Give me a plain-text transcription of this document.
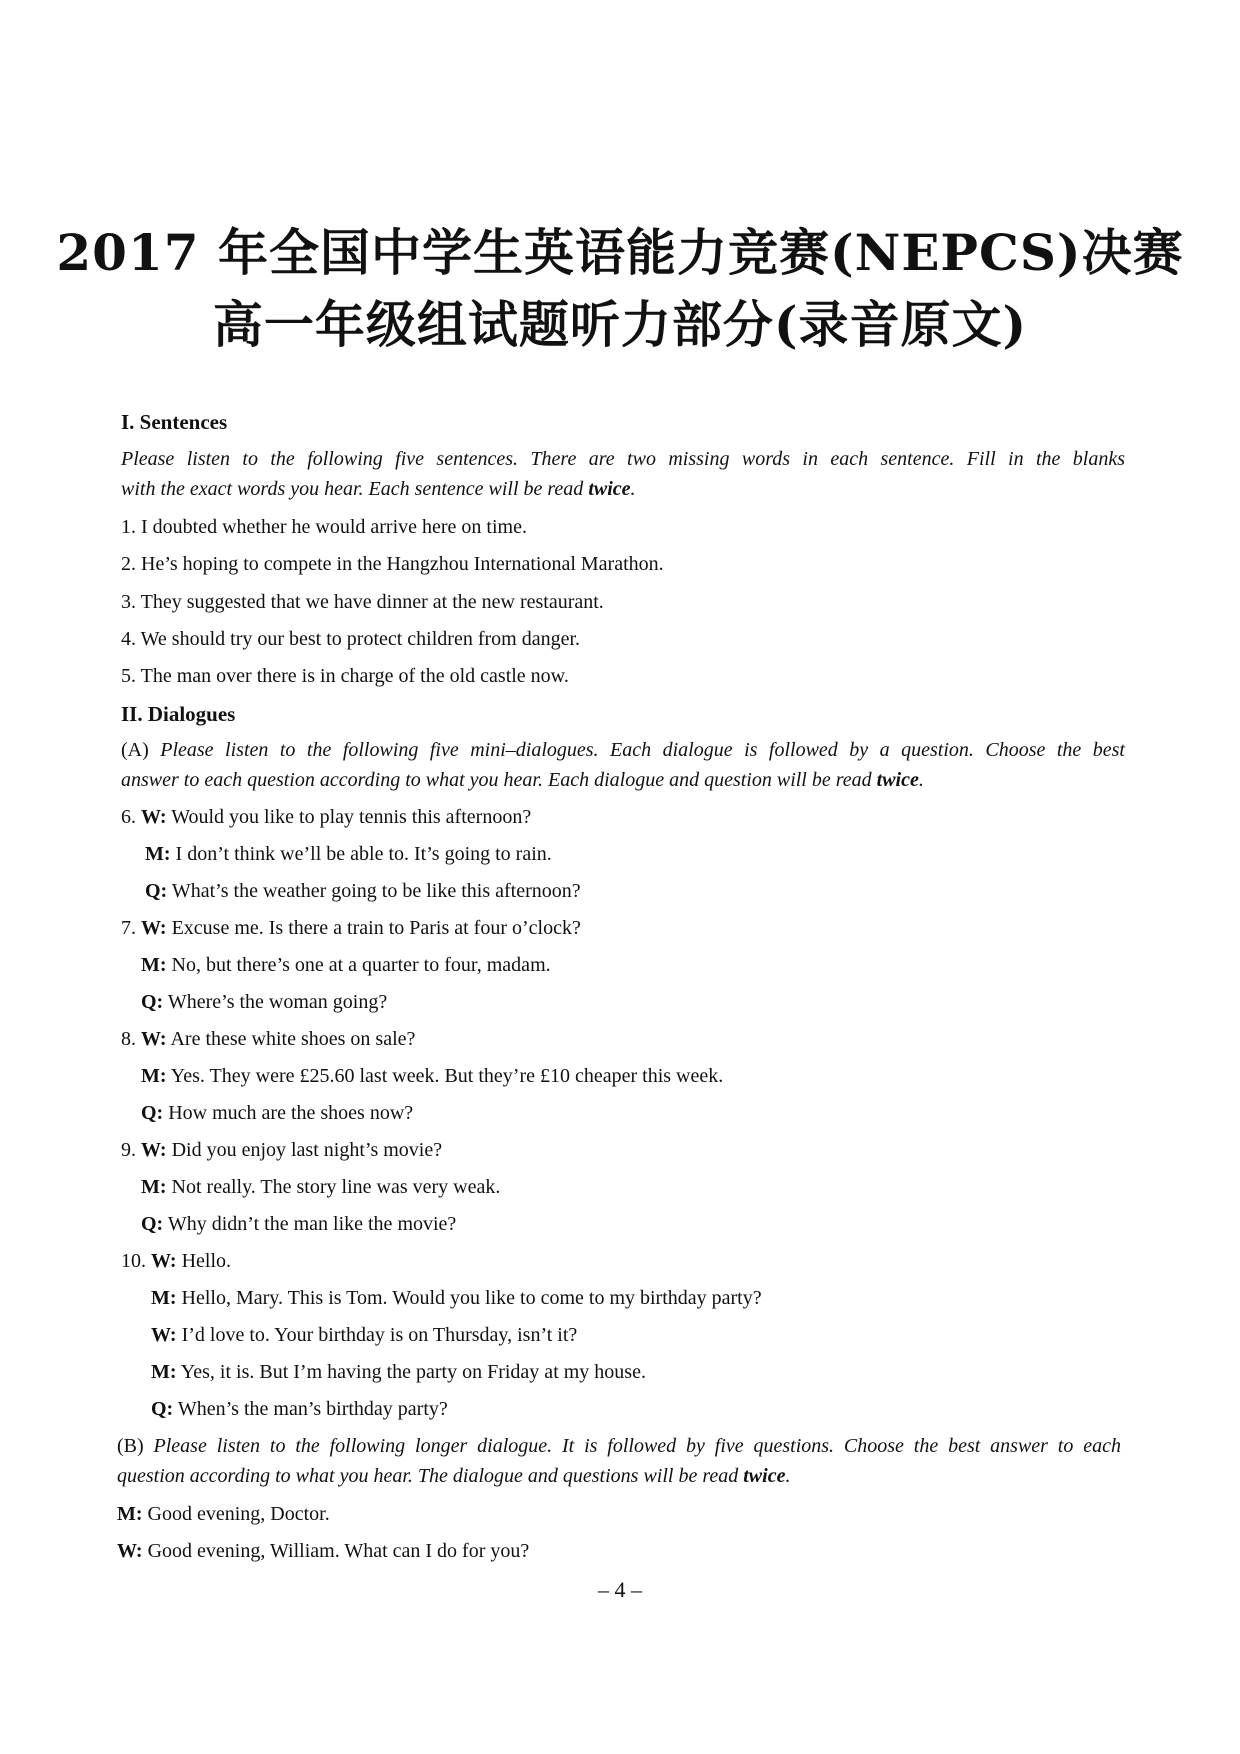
2017 年全国中学生英语能力竞赛(NEPCS)决赛
高一年级组试题听力部分(录音原文)
I. Sentences
Please listen to the following five sentences. There are two missing words in each sentence. Fill in the blanks
with the exact words you hear. Each sentence will be read twice.
1. I doubted whether he would arrive here on time.
2. He’s hoping to compete in the Hangzhou International Marathon.
3. They suggested that we have dinner at the new restaurant.
4. We should try our best to protect children from danger.
5. The man over there is in charge of the old castle now.
II. Dialogues
(A) Please listen to the following five mini–dialogues. Each dialogue is followed by a question. Choose the best
answer to each question according to what you hear. Each dialogue and question will be read twice.
6. W: Would you like to play tennis this afternoon?
M: I don’t think we’ll be able to. It’s going to rain.
Q: What’s the weather going to be like this afternoon?
7. W: Excuse me. Is there a train to Paris at four o’clock?
M: No, but there’s one at a quarter to four, madam.
Q: Where’s the woman going?
8. W: Are these white shoes on sale?
M: Yes. They were £25.60 last week. But they’re £10 cheaper this week.
Q: How much are the shoes now?
9. W: Did you enjoy last night’s movie?
M: Not really. The story line was very weak.
Q: Why didn’t the man like the movie?
10. W: Hello.
M: Hello, Mary. This is Tom. Would you like to come to my birthday party?
W: I’d love to. Your birthday is on Thursday, isn’t it?
M: Yes, it is. But I’m having the party on Friday at my house.
Q: When’s the man’s birthday party?
(B) Please listen to the following longer dialogue. It is followed by five questions. Choose the best answer to each
question according to what you hear. The dialogue and questions will be read twice.
M: Good evening, Doctor.
W: Good evening, William. What can I do for you?
– 4 –
